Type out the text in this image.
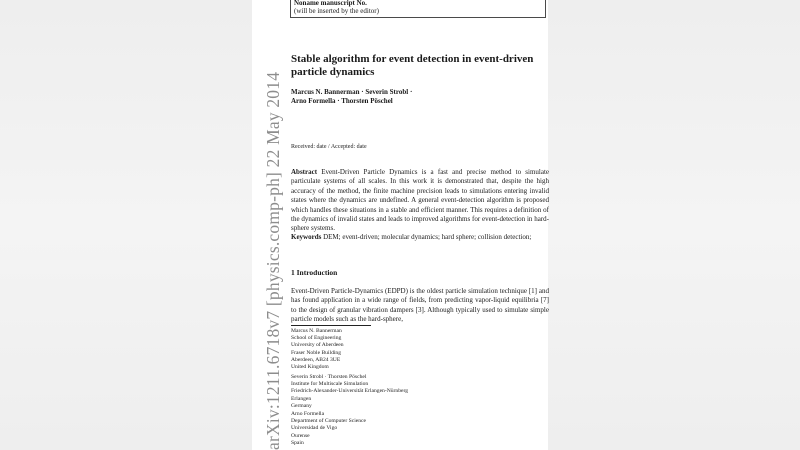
arXiv:1211.6718v7 [physics.comp-ph] 22 May 2014
Noname manuscript No.
(will be inserted by the editor)
Stable algorithm for event detection in event-driven particle dynamics
Marcus N. Bannerman · Severin Strobl ·
Arno Formella · Thorsten Pöschel
Received: date / Accepted: date
Abstract Event-Driven Particle Dynamics is a fast and precise method to simulate particulate systems of all scales. In this work it is demonstrated that, despite the high accuracy of the method, the finite machine precision leads to simulations entering invalid states where the dynamics are undefined. A general event-detection algorithm is proposed which handles these situations in a stable and efficient manner. This requires a definition of the dynamics of invalid states and leads to improved algorithms for event-detection in hard-sphere systems.
Keywords DEM; event-driven; molecular dynamics; hard sphere; collision detection;
1 Introduction
Event-Driven Particle-Dynamics (EDPD) is the oldest particle simulation technique [1] and has found application in a wide range of fields, from predicting vapor-liquid equilibria [7] to the design of granular vibration dampers [3]. Although typically used to simulate simple particle models such as the hard-sphere,
Marcus N. Bannerman
School of Engineering
University of Aberdeen
Fraser Noble Building
Aberdeen, AB24 3UE
United Kingdom
Severin Strobl · Thorsten Pöschel
Institute for Multiscale Simulation
Friedrich-Alexander-Universität Erlangen-Nürnberg
Erlangen
Germany
Arno Formella
Department of Computer Science
Universidad de Vigo
Ourense
Spain
